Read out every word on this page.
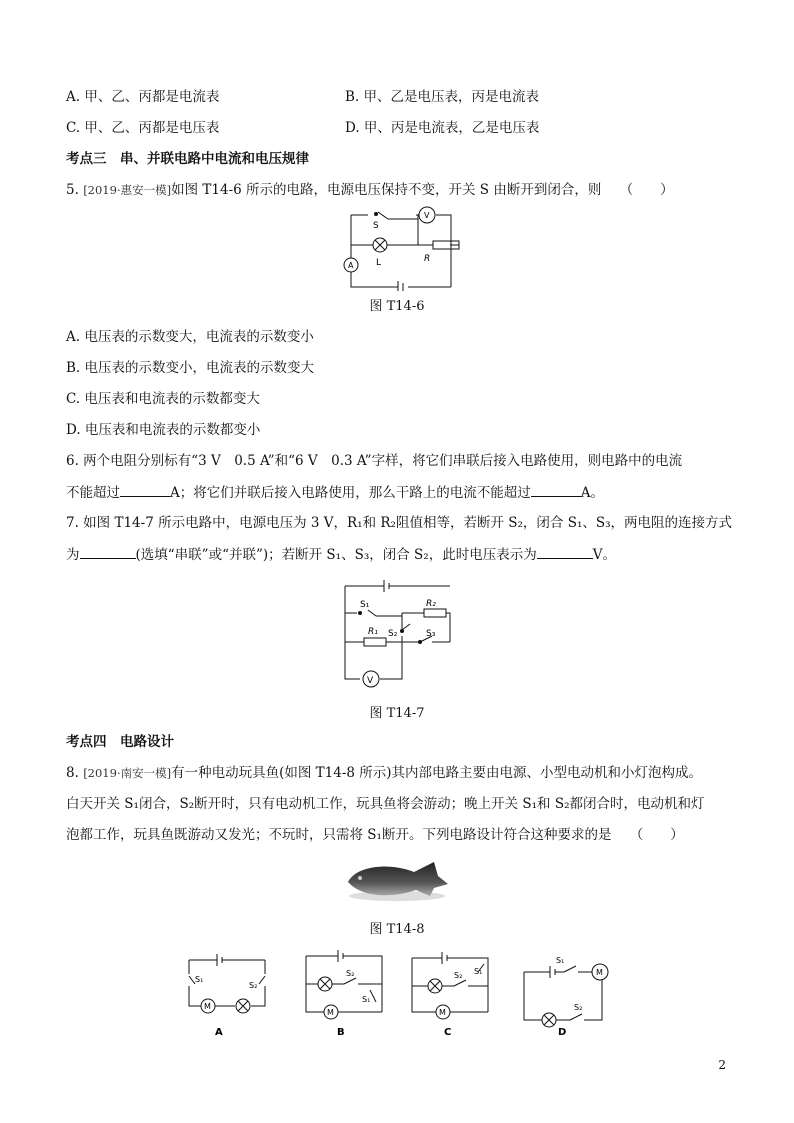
A. 甲、乙、丙都是电流表	B. 甲、乙是电压表，丙是电流表
C. 甲、乙、丙都是电压表	D. 甲、丙是电流表，乙是电压表
考点三　串、并联电路中电流和电压规律
5. [2019·惠安一模]如图 T14-6 所示的电路，电源电压保持不变，开关 S 由断开到闭合，则 （　　）
S
V
A	L	R
图 T14-6
A. 电压表的示数变大，电流表的示数变小
B. 电压表的示数变小，电流表的示数变大
C. 电压表和电流表的示数都变大
D. 电压表和电流表的示数都变小
6. 两个电阻分别标有“3 V　0.5 A”和“6 V　0.3 A”字样，将它们串联后接入电路使用，则电路中的电流
不能超过	A；将它们并联后接入电路使用，那么干路上的电流不能超过	A。
7. 如图 T14-7 所示电路中，电源电压为 3 V，R₁和 R₂阻值相等，若断开 S₂，闭合 S₁、S₃，两电阻的连接方式
为	(选填“串联”或“并联”)；若断开 S₁、S₃，闭合 S₂，此时电压表示为	V。
V
S₁
S₂	S₃
R₁
R₂
图 T14-7
考点四　电路设计
8. [2019·南安一模]有一种电动玩具鱼(如图 T14-8 所示)其内部电路主要由电源、小型电动机和小灯泡构成。
白天开关 S₁闭合，S₂断开时，只有电动机工作，玩具鱼将会游动；晚上开关 S₁和 S₂都闭合时，电动机和灯
泡都工作，玩具鱼既游动又发光；不玩时，只需将 S₁断开。下列电路设计符合这种要求的是 （　　）
图 T14-8
M
S₁
S₂
A
M
S₂
S₁
B
M
S₂ S₁
C
M
S₁
S₂
D
2
